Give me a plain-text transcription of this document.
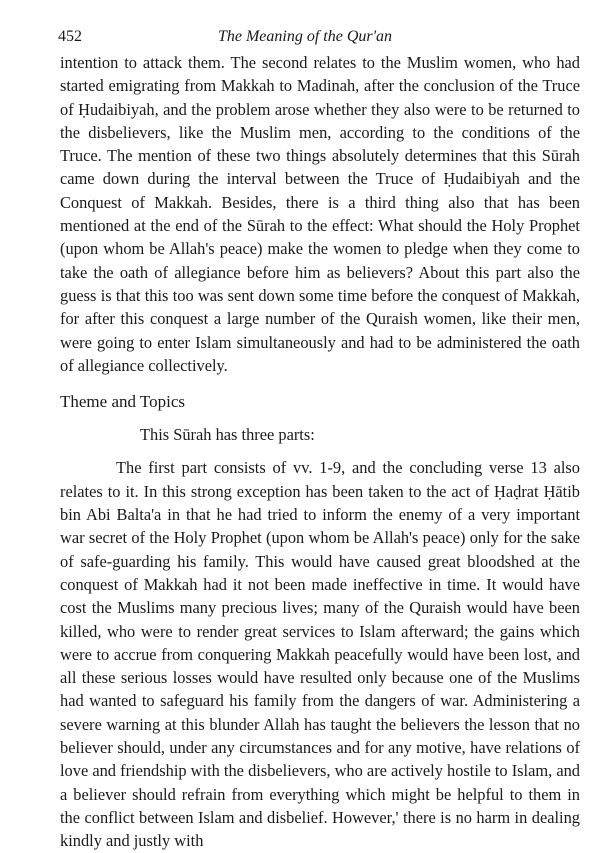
452	The Meaning of the Qur'an

intention to attack them. The second relates to the Muslim women, who had started emigrating from Makkah to Madinah, after the conclusion of the Truce of Ḥudaibiyah, and the problem arose whether they also were to be returned to the disbelievers, like the Muslim men, according to the conditions of the Truce. The mention of these two things absolutely determines that this Sūrah came down during the interval between the Truce of Ḥudaibiyah and the Conquest of Makkah. Besides, there is a third thing also that has been mentioned at the end of the Sūrah to the effect: What should the Holy Prophet (upon whom be Allah's peace) make the women to pledge when they come to take the oath of allegiance before him as believers? About this part also the guess is that this too was sent down some time before the conquest of Makkah, for after this conquest a large number of the Quraish women, like their men, were going to enter Islam simultaneously and had to be administered the oath of allegiance collectively.

Theme and Topics

This Sūrah has three parts:

The first part consists of vv. 1-9, and the concluding verse 13 also relates to it. In this strong exception has been taken to the act of Ḥaḍrat Ḥātib bin Abi Balta'a in that he had tried to inform the enemy of a very important war secret of the Holy Prophet (upon whom be Allah's peace) only for the sake of safe-guarding his family. This would have caused great bloodshed at the conquest of Makkah had it not been made ineffective in time. It would have cost the Muslims many precious lives; many of the Quraish would have been killed, who were to render great services to Islam afterward; the gains which were to accrue from conquering Makkah peacefully would have been lost, and all these serious losses would have resulted only because one of the Muslims had wanted to safeguard his family from the dangers of war. Administering a severe warning at this blunder Allah has taught the believers the lesson that no believer should, under any circumstances and for any motive, have relations of love and friendship with the disbelievers, who are actively hostile to Islam, and a believer should refrain from everything which might be helpful to them in the conflict between Islam and disbelief. However,' there is no harm in dealing kindly and justly with
